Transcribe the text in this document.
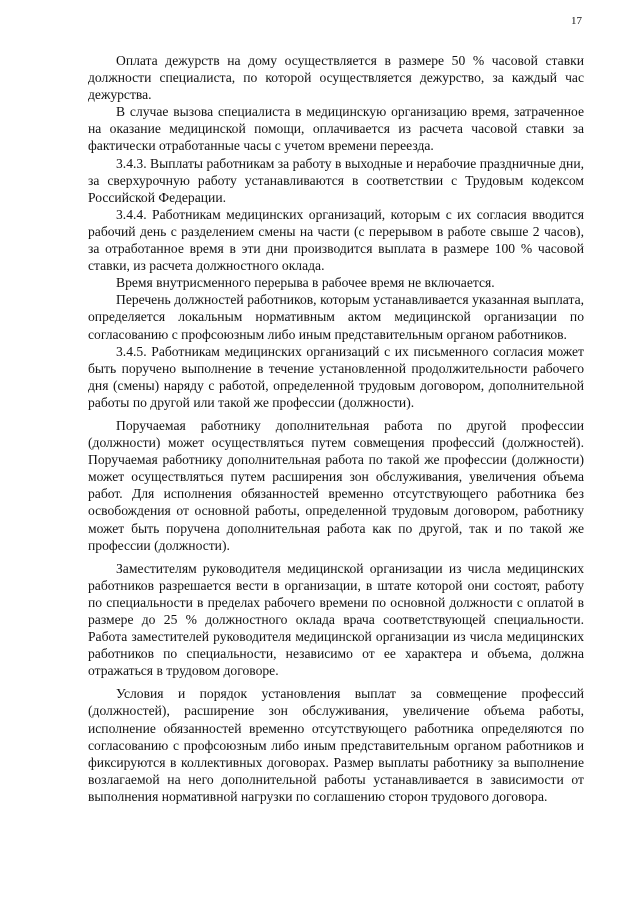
17

Оплата дежурств на дому осуществляется в размере 50 % часовой ставки должности специалиста, по которой осуществляется дежурство, за каждый час дежурства.

В случае вызова специалиста в медицинскую организацию время, затраченное на оказание медицинской помощи, оплачивается из расчета часовой ставки за фактически отработанные часы с учетом времени переезда.

3.4.3. Выплаты работникам за работу в выходные и нерабочие праздничные дни, за сверхурочную работу устанавливаются в соответствии с Трудовым кодексом Российской Федерации.

3.4.4. Работникам медицинских организаций, которым с их согласия вводится рабочий день с разделением смены на части (с перерывом в работе свыше 2 часов), за отработанное время в эти дни производится выплата в размере 100 % часовой ставки, из расчета должностного оклада.

Время внутрисменного перерыва в рабочее время не включается.

Перечень должностей работников, которым устанавливается указанная выплата, определяется локальным нормативным актом медицинской организации по согласованию с профсоюзным либо иным представительным органом работников.

3.4.5. Работникам медицинских организаций с их письменного согласия может быть поручено выполнение в течение установленной продолжительности рабочего дня (смены) наряду с работой, определенной трудовым договором, дополнительной работы по другой или такой же профессии (должности).

Поручаемая работнику дополнительная работа по другой профессии (должности) может осуществляться путем совмещения профессий (должностей). Поручаемая работнику дополнительная работа по такой же профессии (должности) может осуществляться путем расширения зон обслуживания, увеличения объема работ. Для исполнения обязанностей временно отсутствующего работника без освобождения от основной работы, определенной трудовым договором, работнику может быть поручена дополнительная работа как по другой, так и по такой же профессии (должности).

Заместителям руководителя медицинской организации из числа медицинских работников разрешается вести в организации, в штате которой они состоят, работу по специальности в пределах рабочего времени по основной должности с оплатой в размере до 25 % должностного оклада врача соответствующей специальности. Работа заместителей руководителя медицинской организации из числа медицинских работников по специальности, независимо от ее характера и объема, должна отражаться в трудовом договоре.

Условия и порядок установления выплат за совмещение профессий (должностей), расширение зон обслуживания, увеличение объема работы, исполнение обязанностей временно отсутствующего работника определяются по согласованию с профсоюзным либо иным представительным органом работников и фиксируются в коллективных договорах. Размер выплаты работнику за выполнение возлагаемой на него дополнительной работы устанавливается в зависимости от выполнения нормативной нагрузки по соглашению сторон трудового договора.
